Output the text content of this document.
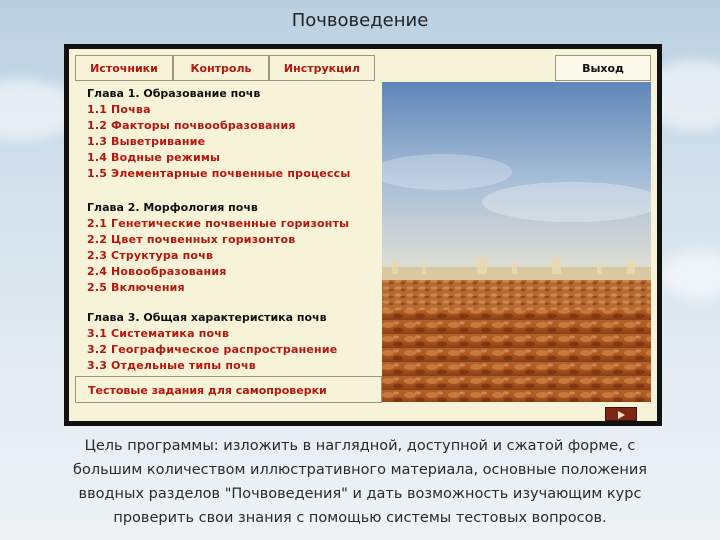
Почвоведение
Источники	Контроль	Инструкцил	Выход
Глава 1. Образование почв
1.1 Почва
1.2 Факторы почвообразования
1.3 Выветривание
1.4 Водные режимы
1.5 Элементарные почвенные процессы
Глава 2. Морфология почв
2.1 Генетические почвенные горизонты
2.2 Цвет почвенных горизонтов
2.3 Структура почв
2.4 Новообразования
2.5 Включения
Глава 3. Общая характеристика почв
3.1 Систематика почв
3.2 Географическое распространение
3.3 Отдельные типы почв
Тестовые задания для самопроверки
Цель программы: изложить в наглядной, доступной и сжатой форме, с
большим количеством иллюстративного материала, основные положения
вводных разделов "Почвоведения" и дать возможность изучающим курс
проверить свои знания с помощью системы тестовых вопросов.
